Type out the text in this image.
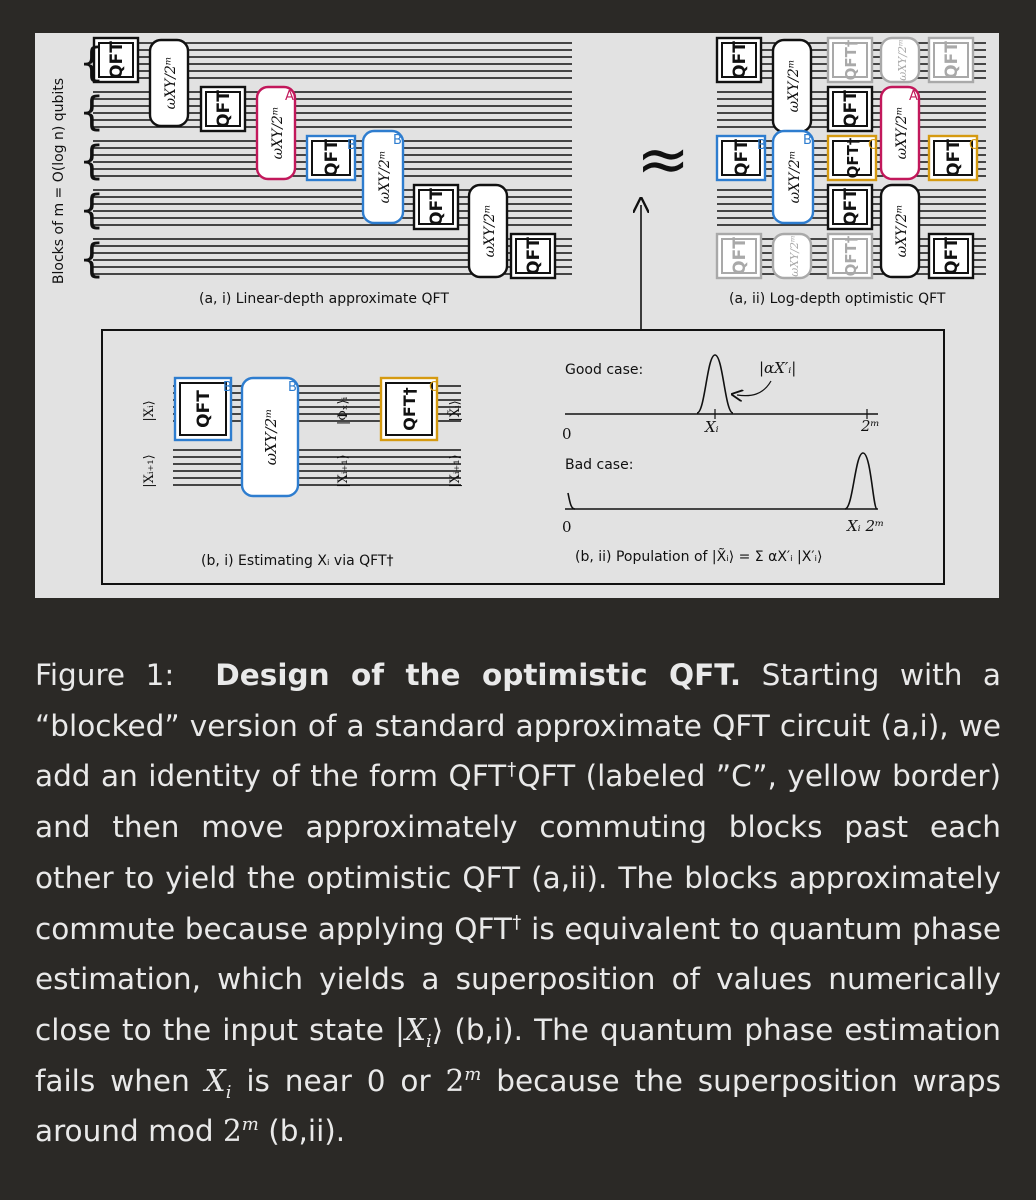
QFT	ωXY/2ᵐ QFT	ωXY/2ᵐ
A
QFT B
ωXY/2ᵐ
B
QFT	ωXY/2ᵐ QFT
QFT	ωXY/2ᵐ	QFT†	ωXY/2ᵐ QFT
QFT ωXY/2ᵐ
A
QFT B
ωXY/2ᵐ
B QFT† C	QFT C
QFT ωXY/2ᵐ
QFT	ωXY/2ᵐ	QFT†	QFT
QFT
B
ωXY/2ᵐ
B	QFT† C
Blocks of m = O(log n) qubits
{
{
{
{
{
≈
(a, i) Linear-depth approximate QFT	(a, ii) Log-depth optimistic QFT
|Xᵢ⟩
|Xᵢ₊₁⟩
|Φₓ⟩ᵢ
|Xᵢ₊₁⟩
|X̃ᵢ⟩
|Xᵢ₊₁⟩
(b, i) Estimating Xᵢ via QFT†
Good case:	|αX′ᵢ|
0	Xᵢ	2ᵐ
Bad case:
0	Xᵢ 2ᵐ
(b, ii) Population of |X̃ᵢ⟩ = Σ αX′ᵢ |X′ᵢ⟩
Figure 1: Design of the optimistic QFT. Starting with a “blocked” version of a standard approximate QFT circuit (a,i), we add an identity of the form QFT†QFT (labeled ”C”, yellow border) and then move approximately commuting blocks past each other to yield the optimistic QFT (a,ii). The blocks approximately commute because applying QFT† is equivalent to quantum phase estimation, which yields a superposition of values numerically close to the input state $|X_i⟩$ (b,i). The quantum phase estimation fails when $X_i$ is near 0 or 2$^m$ because the superposition wraps around mod 2$^m$ (b,ii).
